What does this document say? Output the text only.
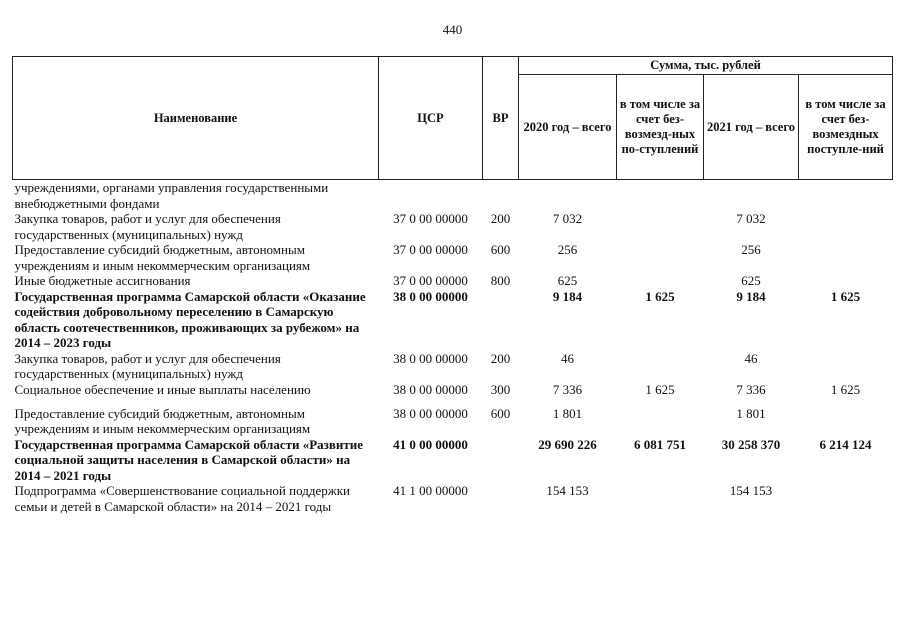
440
Наименование	ЦСР	ВР	Сумма, тыс. рублей			
			2020 год – всего	в том числе за счет без-возмезд-ных по-ступлений	2021 год – всего	в том числе за счет без-возмездных поступле-ний
учреждениями, органами управления государственными внебюджетными фондами						
Закупка товаров, работ и услуг для обеспечения государственных (муниципальных) нужд	37 0 00 00000	200	7 032		7 032	
Предоставление субсидий бюджетным, автономным учреждениям и иным некоммерческим организациям	37 0 00 00000	600	256		256	
Иные бюджетные ассигнования	37 0 00 00000	800	625		625	
Государственная программа Самарской области «Оказание содействия добровольному переселению в Самарскую область соотечественников, проживающих за рубежом» на 2014 – 2023 годы	38 0 00 00000		9 184	1 625	9 184	1 625
Закупка товаров, работ и услуг для обеспечения государственных (муниципальных) нужд	38 0 00 00000	200	46		46	
Социальное обеспечение и иные выплаты населению	38 0 00 00000	300	7 336	1 625	7 336	1 625
Предоставление субсидий бюджетным, автономным учреждениям и иным некоммерческим организациям	38 0 00 00000	600	1 801		1 801	
Государственная программа Самарской области «Развитие социальной защиты населения в Самарской области» на 2014 – 2021 годы	41 0 00 00000		29 690 226	6 081 751	30 258 370	6 214 124
Подпрограмма «Совершенствование социальной поддержки семьи и детей в Самарской области» на 2014 – 2021 годы	41 1 00 00000		154 153		154 153	
